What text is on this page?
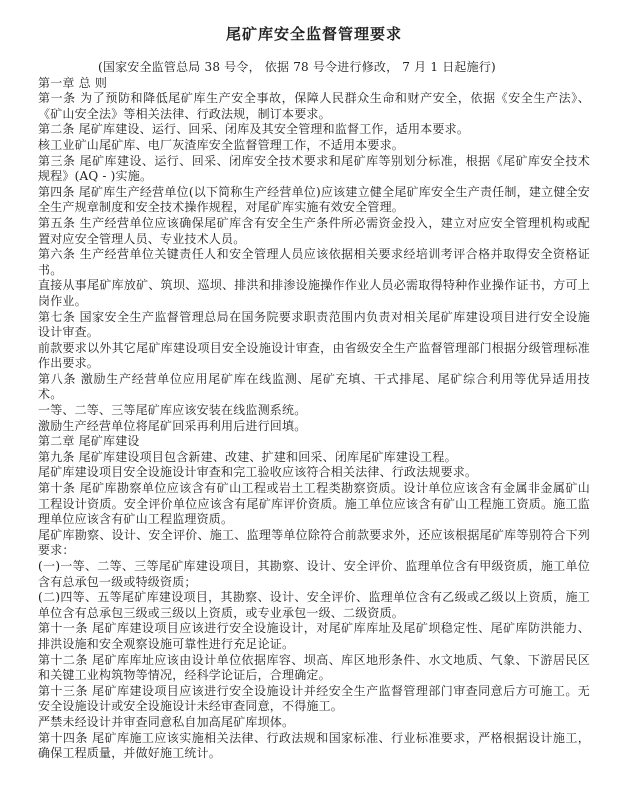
尾矿库安全监督管理要求

(国家安全监管总局 38 号令， 依据 78 号令进行修改， 7 月 1 日起施行)

第一章 总 则

第一条 为了预防和降低尾矿库生产安全事故，保障人民群众生命和财产安全，依据《安全生产法》、《矿山安全法》等相关法律、行政法规，制订本要求。

第二条 尾矿库建设、运行、回采、闭库及其安全管理和监督工作，适用本要求。

核工业矿山尾矿库、电厂灰渣库安全监督管理工作，不适用本要求。

第三条 尾矿库建设、运行、回采、闭库安全技术要求和尾矿库等别划分标准，根据《尾矿库安全技术规程》(AQ - )实施。

第四条 尾矿库生产经营单位(以下简称生产经营单位)应该建立健全尾矿库安全生产责任制，建立健全安全生产规章制度和安全技术操作规程，对尾矿库实施有效安全管理。

第五条 生产经营单位应该确保尾矿库含有安全生产条件所必需资金投入，建立对应安全管理机构或配置对应安全管理人员、专业技术人员。

第六条 生产经营单位关键责任人和安全管理人员应该依据相关要求经培训考评合格并取得安全资格证书。

直接从事尾矿库放矿、筑坝、巡坝、排洪和排渗设施操作作业人员必需取得特种作业操作证书，方可上岗作业。

第七条 国家安全生产监督管理总局在国务院要求职责范围内负责对相关尾矿库建设项目进行安全设施设计审查。

前款要求以外其它尾矿库建设项目安全设施设计审查，由省级安全生产监督管理部门根据分级管理标准作出要求。

第八条 激励生产经营单位应用尾矿库在线监测、尾矿充填、干式排尾、尾矿综合利用等优异适用技术。

一等、二等、三等尾矿库应该安装在线监测系统。

激励生产经营单位将尾矿回采再利用后进行回填。

第二章 尾矿库建设

第九条 尾矿库建设项目包含新建、改建、扩建和回采、闭库尾矿库建设工程。

尾矿库建设项目安全设施设计审查和完工验收应该符合相关法律、行政法规要求。

第十条 尾矿库勘察单位应该含有矿山工程或岩土工程类勘察资质。设计单位应该含有金属非金属矿山工程设计资质。安全评价单位应该含有尾矿库评价资质。施工单位应该含有矿山工程施工资质。施工监理单位应该含有矿山工程监理资质。

尾矿库勘察、设计、安全评价、施工、监理等单位除符合前款要求外，还应该根据尾矿库等别符合下列要求：

(一)一等、二等、三等尾矿库建设项目，其勘察、设计、安全评价、监理单位含有甲级资质，施工单位含有总承包一级或特级资质；

(二)四等、五等尾矿库建设项目，其勘察、设计、安全评价、监理单位含有乙级或乙级以上资质，施工单位含有总承包三级或三级以上资质，或专业承包一级、二级资质。

第十一条 尾矿库建设项目应该进行安全设施设计，对尾矿库库址及尾矿坝稳定性、尾矿库防洪能力、排洪设施和安全观察设施可靠性进行充足论证。

第十二条 尾矿库库址应该由设计单位依据库容、坝高、库区地形条件、水文地质、气象、下游居民区和关键工业构筑物等情况，经科学论证后，合理确定。

第十三条 尾矿库建设项目应该进行安全设施设计并经安全生产监督管理部门审查同意后方可施工。无安全设施设计或安全设施设计未经审查同意，不得施工。

严禁未经设计并审查同意私自加高尾矿库坝体。

第十四条 尾矿库施工应该实施相关法律、行政法规和国家标准、行业标准要求，严格根据设计施工，确保工程质量，并做好施工统计。
